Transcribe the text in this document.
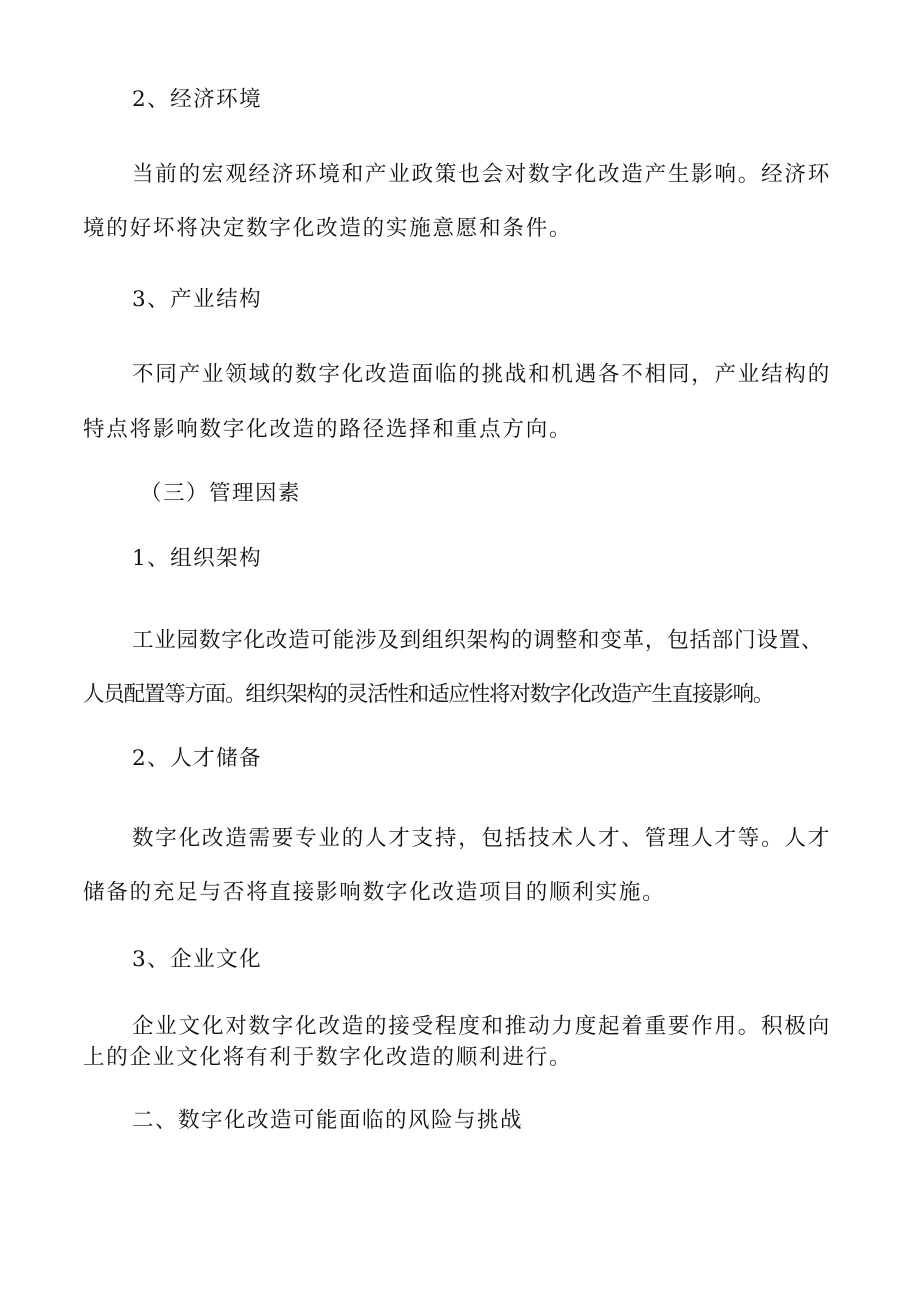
2、经济环境
当前的宏观经济环境和产业政策也会对数字化改造产生影响。经济环
境的好坏将决定数字化改造的实施意愿和条件。
3、产业结构
不同产业领域的数字化改造面临的挑战和机遇各不相同，产业结构的
特点将影响数字化改造的路径选择和重点方向。
（三）管理因素
1、组织架构
工业园数字化改造可能涉及到组织架构的调整和变革，包括部门设置、
人员配置等方面。组织架构的灵活性和适应性将对数字化改造产生直接影响。
2、人才储备
数字化改造需要专业的人才支持，包括技术人才、管理人才等。人才
储备的充足与否将直接影响数字化改造项目的顺利实施。
3、企业文化
企业文化对数字化改造的接受程度和推动力度起着重要作用。积极向
上的企业文化将有利于数字化改造的顺利进行。
二、数字化改造可能面临的风险与挑战
